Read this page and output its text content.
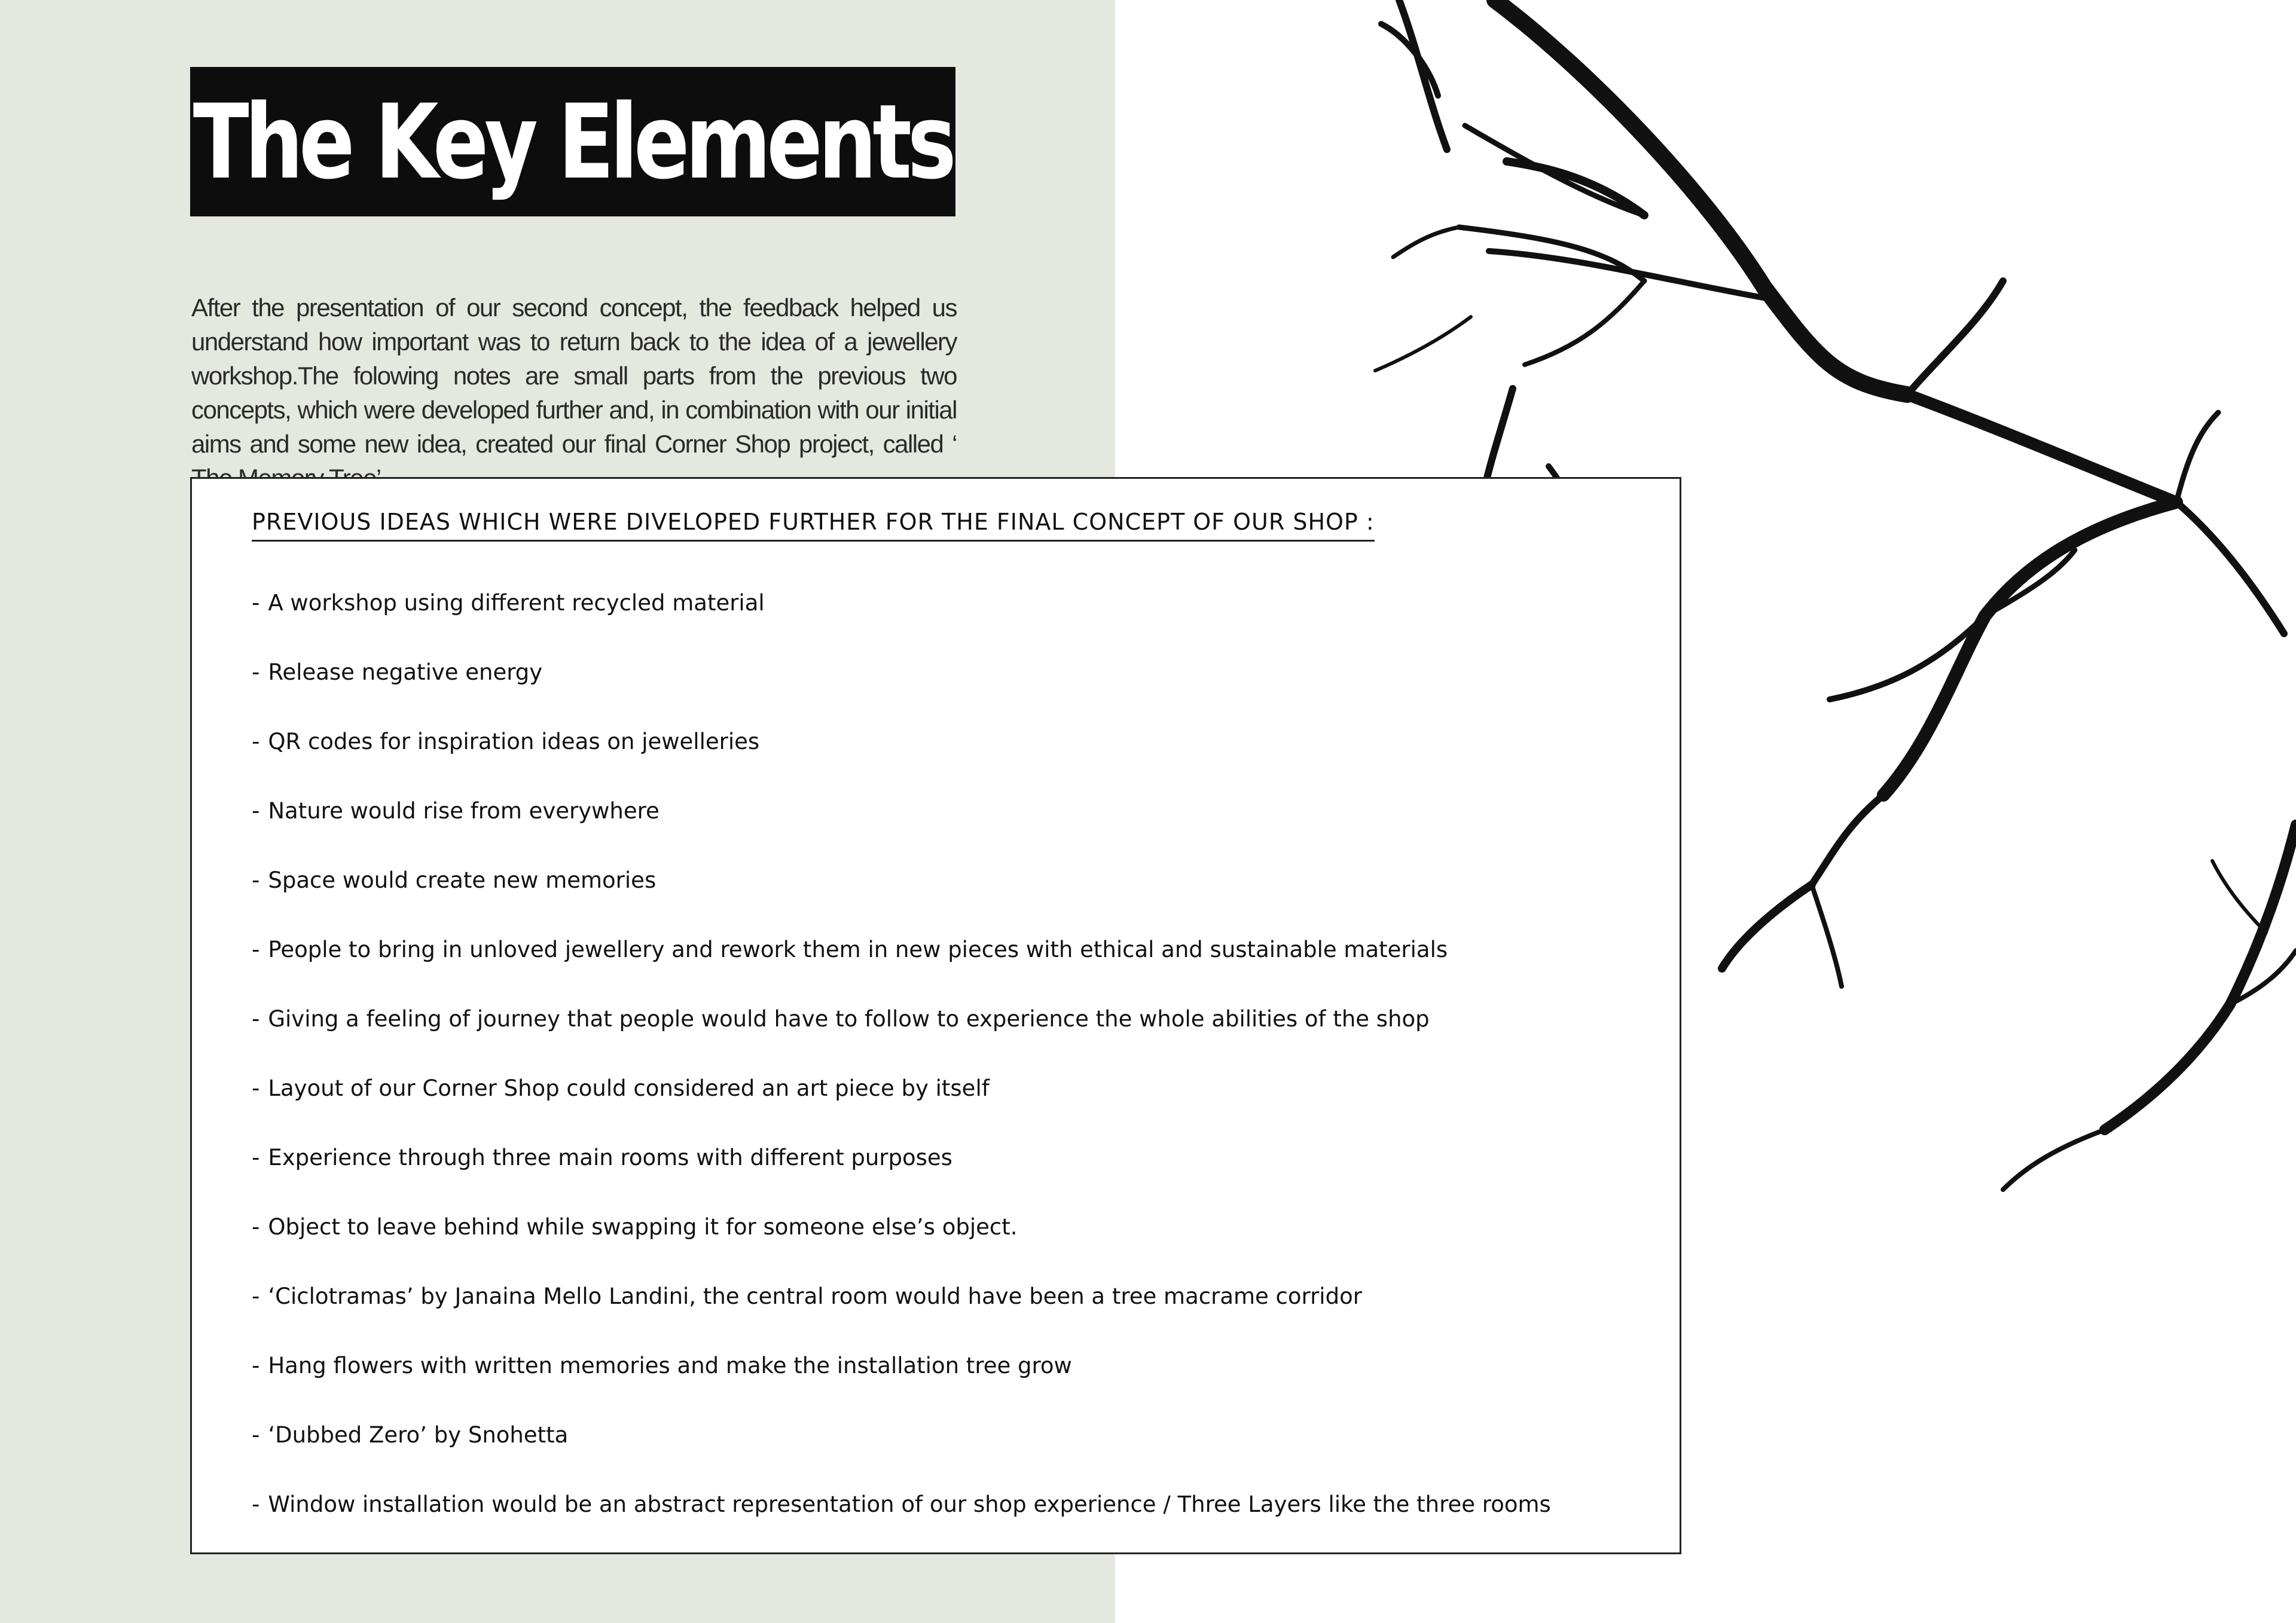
The Key Elements

After the presentation of our second concept, the feedback helped us understand how important was to return back to the idea of a jewellery workshop.The folowing notes are small parts from the previous two concepts, which were developed further and, in combination with our initial aims and some new idea, created our final Corner Shop project, called ‘

PREVIOUS IDEAS WHICH WERE DIVELOPED FURTHER FOR THE FINAL CONCEPT OF OUR SHOP :
- A workshop using different recycled material
- Release negative energy
- QR codes for inspiration ideas on jewelleries
- Nature would rise from everywhere
- Space would create new memories
- People to bring in unloved jewellery and rework them in new pieces with ethical and sustainable materials
- Giving a feeling of journey that people would have to follow to experience the whole abilities of the shop
- Layout of our Corner Shop could considered an art piece by itself
- Experience through three main rooms with different purposes
- Object to leave behind while swapping it for someone else’s object.
- ‘Ciclotramas’ by Janaina Mello Landini, the central room would have been a tree macrame corridor
- Hang flowers with written memories and make the installation tree grow
- ‘Dubbed Zero’ by Snohetta
- Window installation would be an abstract representation of our shop experience / Three Layers like the three rooms
